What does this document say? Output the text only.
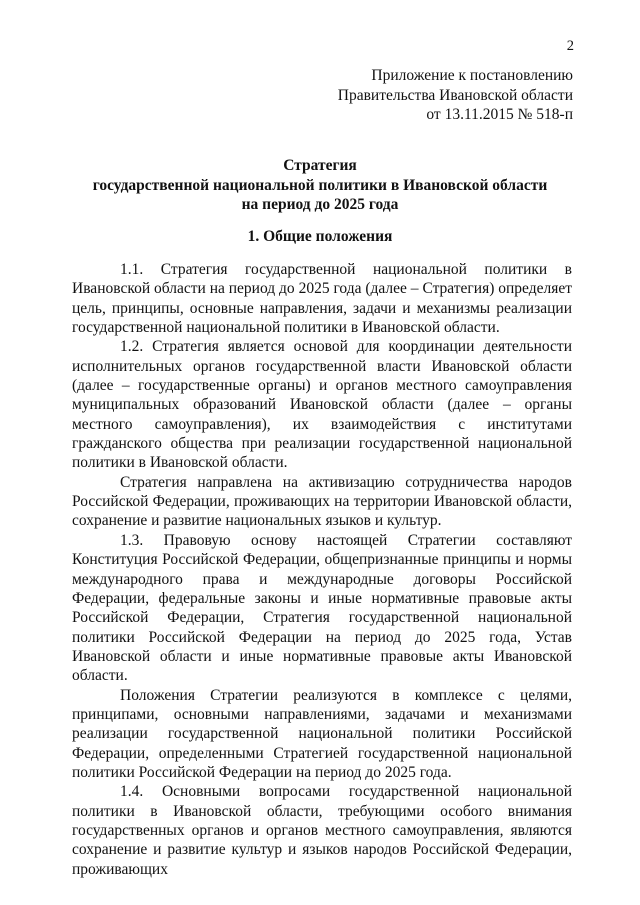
2
Приложение к постановлению
Правительства Ивановской области
от 13.11.2015 № 518-п
Стратегия
государственной национальной политики в Ивановской области
на период до 2025 года
1. Общие положения

1.1. Стратегия государственной национальной политики в Ивановской области на период до 2025 года (далее – Стратегия) определяет цель, принципы, основные направления, задачи и механизмы реализации государственной национальной политики в Ивановской области.

1.2. Стратегия является основой для координации деятельности исполнительных органов государственной власти Ивановской области (далее – государственные органы) и органов местного самоуправления муниципальных образований Ивановской области (далее – органы местного самоуправления), их взаимодействия с институтами гражданского общества при реализации государственной национальной политики в Ивановской области.

Стратегия направлена на активизацию сотрудничества народов Российской Федерации, проживающих на территории Ивановской области, сохранение и развитие национальных языков и культур.

1.3. Правовую основу настоящей Стратегии составляют Конституция Российской Федерации, общепризнанные принципы и нормы международного права и международные договоры Российской Федерации, федеральные законы и иные нормативные правовые акты Российской Федерации, Стратегия государственной национальной политики Российской Федерации на период до 2025 года, Устав Ивановской области и иные нормативные правовые акты Ивановской области.

Положения Стратегии реализуются в комплексе с целями, принципами, основными направлениями, задачами и механизмами реализации государственной национальной политики Российской Федерации, определенными Стратегией государственной национальной политики Российской Федерации на период до 2025 года.

1.4. Основными вопросами государственной национальной политики в Ивановской области, требующими особого внимания государственных органов и органов местного самоуправления, являются сохранение и развитие культур и языков народов Российской Федерации, проживающих
